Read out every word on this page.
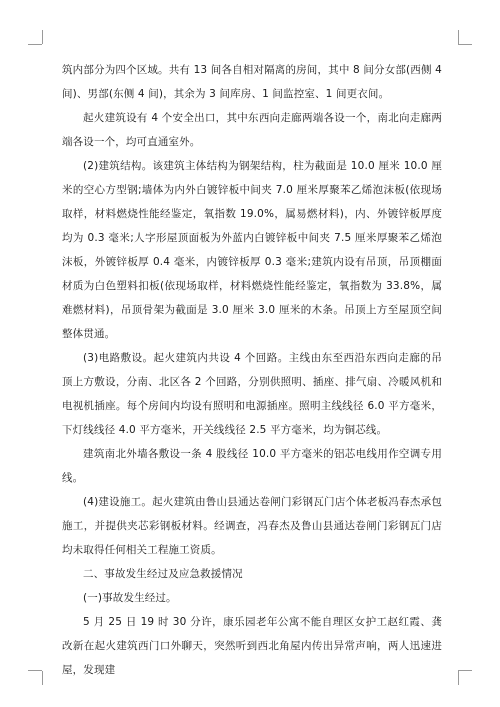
筑内部分为四个区域。共有 13 间各自相对隔离的房间，其中 8 间分女部(西侧 4 间)、男部(东侧 4 间)，其余为 3 间库房、1 间监控室、1 间更衣间。

起火建筑设有 4 个安全出口，其中东西向走廊两端各设一个，南北向走廊两端各设一个，均可直通室外。

(2)建筑结构。该建筑主体结构为钢架结构，柱为截面是 10.0 厘米 10.0 厘米的空心方型钢;墙体为内外白镀锌板中间夹 7.0 厘米厚聚苯乙烯泡沫板(依现场取样，材料燃烧性能经鉴定，氧指数 19.0%，属易燃材料)，内、外镀锌板厚度均为 0.3 毫米;人字形屋顶面板为外蓝内白镀锌板中间夹 7.5 厘米厚聚苯乙烯泡沫板，外镀锌板厚 0.4 毫米，内镀锌板厚 0.3 毫米;建筑内设有吊顶，吊顶棚面材质为白色塑料扣板(依现场取样，材料燃烧性能经鉴定，氧指数为 33.8%，属难燃材料)，吊顶骨架为截面是 3.0 厘米 3.0 厘米的木条。吊顶上方至屋顶空间整体贯通。

(3)电路敷设。起火建筑内共设 4 个回路。主线由东至西沿东西向走廊的吊顶上方敷设，分南、北区各 2 个回路，分别供照明、插座、排气扇、冷暖风机和电视机插座。每个房间内均设有照明和电源插座。照明主线线径 6.0 平方毫米，下灯线线径 4.0 平方毫米，开关线线径 2.5 平方毫米，均为铜芯线。

建筑南北外墙各敷设一条 4 股线径 10.0 平方毫米的铝芯电线用作空调专用线。

(4)建设施工。起火建筑由鲁山县通达卷闸门彩钢瓦门店个体老板冯春杰承包施工，并提供夹芯彩钢板材料。经调查，冯春杰及鲁山县通达卷闸门彩钢瓦门店均未取得任何相关工程施工资质。

二、事故发生经过及应急救援情况

(一)事故发生经过。

5 月 25 日 19 时 30 分许，康乐园老年公寓不能自理区女护工赵红霞、龚改新在起火建筑西门口外聊天，突然听到西北角屋内传出异常声响，两人迅速进屋，发现建
